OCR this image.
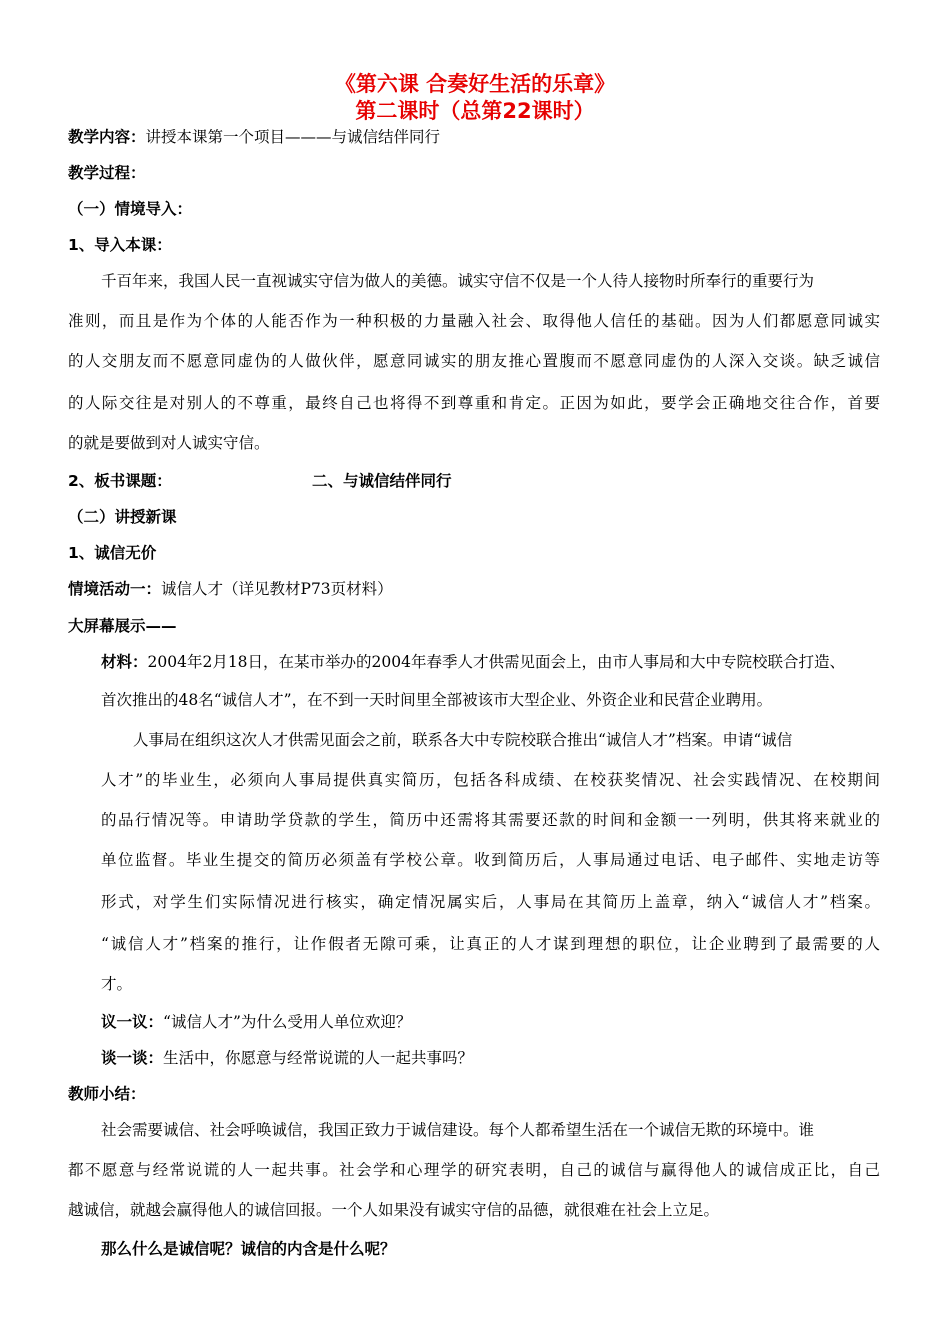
《第六课 合奏好生活的乐章》
第二课时（总第22课时）
教学内容：讲授本课第一个项目———与诚信结伴同行
教学过程：
（一）情境导入：
1、导入本课：
千百年来，我国人民一直视诚实守信为做人的美德。诚实守信不仅是一个人待人接物时所奉行的重要行为
准则，而且是作为个体的人能否作为一种积极的力量融入社会、取得他人信任的基础。因为人们都愿意同诚实
的人交朋友而不愿意同虚伪的人做伙伴，愿意同诚实的朋友推心置腹而不愿意同虚伪的人深入交谈。缺乏诚信
的人际交往是对别人的不尊重，最终自己也将得不到尊重和肯定。正因为如此，要学会正确地交往合作，首要
的就是要做到对人诚实守信。
2、板书课题：	二、与诚信结伴同行
（二）讲授新课
1、诚信无价
情境活动一：诚信人才（详见教材P73页材料）
大屏幕展示——
材料：2004年2月18日，在某市举办的2004年春季人才供需见面会上，由市人事局和大中专院校联合打造、
首次推出的48名“诚信人才”，在不到一天时间里全部被该市大型企业、外资企业和民营企业聘用。
人事局在组织这次人才供需见面会之前，联系各大中专院校联合推出“诚信人才”档案。申请“诚信
人才”的毕业生，必须向人事局提供真实简历，包括各科成绩、在校获奖情况、社会实践情况、在校期间
的品行情况等。申请助学贷款的学生，简历中还需将其需要还款的时间和金额一一列明，供其将来就业的
单位监督。毕业生提交的简历必须盖有学校公章。收到简历后，人事局通过电话、电子邮件、实地走访等
形式，对学生们实际情况进行核实，确定情况属实后，人事局在其简历上盖章，纳入“诚信人才”档案。
“诚信人才”档案的推行，让作假者无隙可乘，让真正的人才谋到理想的职位，让企业聘到了最需要的人
才。
议一议：“诚信人才”为什么受用人单位欢迎？
谈一谈：生活中，你愿意与经常说谎的人一起共事吗？
教师小结：
社会需要诚信、社会呼唤诚信，我国正致力于诚信建设。每个人都希望生活在一个诚信无欺的环境中。谁
都不愿意与经常说谎的人一起共事。社会学和心理学的研究表明，自己的诚信与赢得他人的诚信成正比，自己
越诚信，就越会赢得他人的诚信回报。一个人如果没有诚实守信的品德，就很难在社会上立足。
那么什么是诚信呢？诚信的内含是什么呢？
